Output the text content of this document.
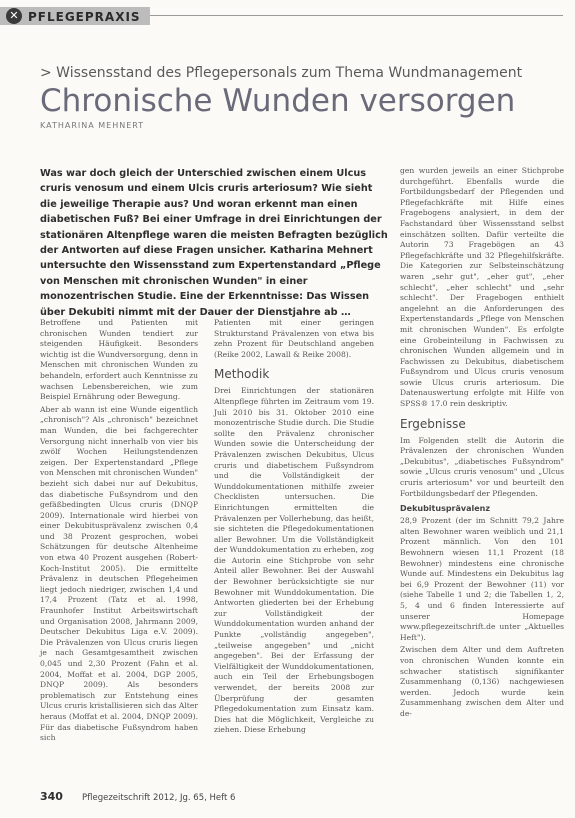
✕ PFLEGEPRAXIS
> Wissensstand des Pflegepersonals zum Thema Wundmanagement
Chronische Wunden versorgen
KATHARINA MEHNERT
Was war doch gleich der Unterschied zwischen einem Ulcus cruris venosum und einem Ulcis cruris arteriosum? Wie sieht die jeweilige Therapie aus? Und woran erkennt man einen diabetischen Fuß? Bei einer Umfrage in drei Einrichtungen der stationären Altenpflege waren die meisten Befragten bezüglich der Antworten auf diese Fragen unsicher. Katharina Mehnert untersuchte den Wissensstand zum Expertenstandard „Pflege von Menschen mit chronischen Wunden" in einer monozentrischen Studie. Eine der Erkenntnisse: Das Wissen über Dekubiti nimmt mit der Dauer der Dienstjahre ab …

Betroffene und Patienten mit chronischen Wunden tendiert zur steigenden Häufigkeit. Besonders wichtig ist die Wundversorgung, denn in Menschen mit chronischen Wunden zu behandeln, erfordert auch Kenntnisse zu wachsen Lebensbereichen, wie zum Beispiel Ernährung oder Bewegung.

Aber ab wann ist eine Wunde eigentlich „chronisch"? Als „chronisch" bezeichnet man Wunden, die bei fachgerechter Versorgung nicht innerhalb von vier bis zwölf Wochen Heilungstendenzen zeigen. Der Expertenstandard „Pflege von Menschen mit chronischen Wunden" bezieht sich dabei nur auf Dekubitus, das diabetische Fußsyndrom und den gefäßbedingten Ulcus cruris (DNQP 2009). Internationale wird hierbei von einer Dekubitusprävalenz zwischen 0,4 und 38 Prozent gesprochen, wobei Schätzungen für deutsche Altenheime von etwa 40 Prozent ausgehen (Robert-Koch-Institut 2005). Die ermittelte Prävalenz in deutschen Pflegeheimen liegt jedoch niedriger, zwischen 1,4 und 17,4 Prozent (Tatz et al. 1998, Fraunhofer Institut Arbeitswirtschaft und Organisation 2008, Jahrmann 2009, Deutscher Dekubitus Liga e.V. 2009). Die Prävalenzen von Ulcus cruris liegen je nach Gesamtgesamtheit zwischen 0,045 und 2,30 Prozent (Fahn et al. 2004, Moffat et al. 2004, DGP 2005, DNQP 2009). Als besonders problematisch zur Entstehung eines Ulcus cruris kristallisieren sich das Alter heraus (Moffat et al. 2004, DNQP 2009). Für das diabetische Fußsyndrom haben sich

Patienten mit einer geringen Strukturstand Prävalenzen von etwa bis zehn Prozent für Deutschland angeben (Reike 2002, Lawall & Reike 2008).

Methodik

Drei Einrichtungen der stationären Altenpflege führten im Zeitraum vom 19. Juli 2010 bis 31. Oktober 2010 eine monozentrische Studie durch. Die Studie sollte den Prävalenz chronischer Wunden sowie die Unterscheidung der Prävalenzen zwischen Dekubitus, Ulcus cruris und diabetischem Fußsyndrom und die Vollständigkeit der Wunddokumentationen mithilfe zweier Checklisten untersuchen. Die Einrichtungen ermittelten die Prävalenzen per Vollerhebung, das heißt, sie sichteten die Pflegedokumentationen aller Bewohner. Um die Vollständigkeit der Wunddokumentation zu erheben, zog die Autorin eine Stichprobe von sehr Anteil aller Bewohner. Bei der Auswahl der Bewohner berücksichtigte sie nur Bewohner mit Wunddokumentation. Die Antworten gliederten bei der Erhebung zur Vollständigkeit der Wunddokumentation wurden anhand der Punkte „vollständig angegeben", „teilweise angegeben" und „nicht angegeben". Bei der Erfassung der Vielfältigkeit der Wunddokumentationen, auch ein Teil der Erhebungsbogen verwendet, der bereits 2008 zur Überprüfung der gesamten Pflegedokumentation zum Einsatz kam. Dies hat die Möglichkeit, Vergleiche zu ziehen. Diese Erhebung

gen wurden jeweils an einer Stichprobe durchgeführt. Ebenfalls wurde die Fortbildungsbedarf der Pflegenden und Pflegefachkräfte mit Hilfe eines Fragebogens analysiert, in dem der Fachstandard über Wissensstand selbst einschätzen sollten. Dafür verteilte die Autorin 73 Fragebögen an 43 Pflegefachkräfte und 32 Pflegehilfskräfte. Die Kategorien zur Selbsteinschätzung waren „sehr gut", „eher gut", „eher schlecht", „eher schlecht" und „sehr schlecht". Der Fragebogen enthielt angelehnt an die Anforderungen des Expertenstandards „Pflege von Menschen mit chronischen Wunden". Es erfolgte eine Grobeinteilung in Fachwissen zu chronischen Wunden allgemein und in Fachwissen zu Dekubitus, diabetischem Fußsyndrom und Ulcus cruris venosum sowie Ulcus cruris arteriosum. Die Datenauswertung erfolgte mit Hilfe von SPSS® 17.0 rein deskriptiv.

Ergebnisse

Im Folgenden stellt die Autorin die Prävalenzen der chronischen Wunden „Dekubitus", „diabetisches Fußsyndrom" sowie „Ulcus cruris venosum" und „Ulcus cruris arteriosum" vor und beurteilt den Fortbildungsbedarf der Pflegenden.

Dekubitusprävalenz

28,9 Prozent (der im Schnitt 79,2 Jahre alten Bewohner waren weiblich und 21,1 Prozent männlich. Von den 101 Bewohnern wiesen 11,1 Prozent (18 Bewohner) mindestens eine chronische Wunde auf. Mindestens ein Dekubitus lag bei 6,9 Prozent der Bewohner (11) vor (siehe Tabelle 1 und 2; die Tabellen 1, 2, 5, 4 und 6 finden Interessierte auf unserer Homepage www.pflegezeitschrift.de unter „Aktuelles Heft").

Zwischen dem Alter und dem Auftreten von chronischen Wunden konnte ein schwacher statistisch signifikanter Zusammenhang (0,136) nachgewiesen werden. Jedoch wurde kein Zusammenhang zwischen dem Alter und de-

340 Pflegezeitschrift 2012, Jg. 65, Heft 6
